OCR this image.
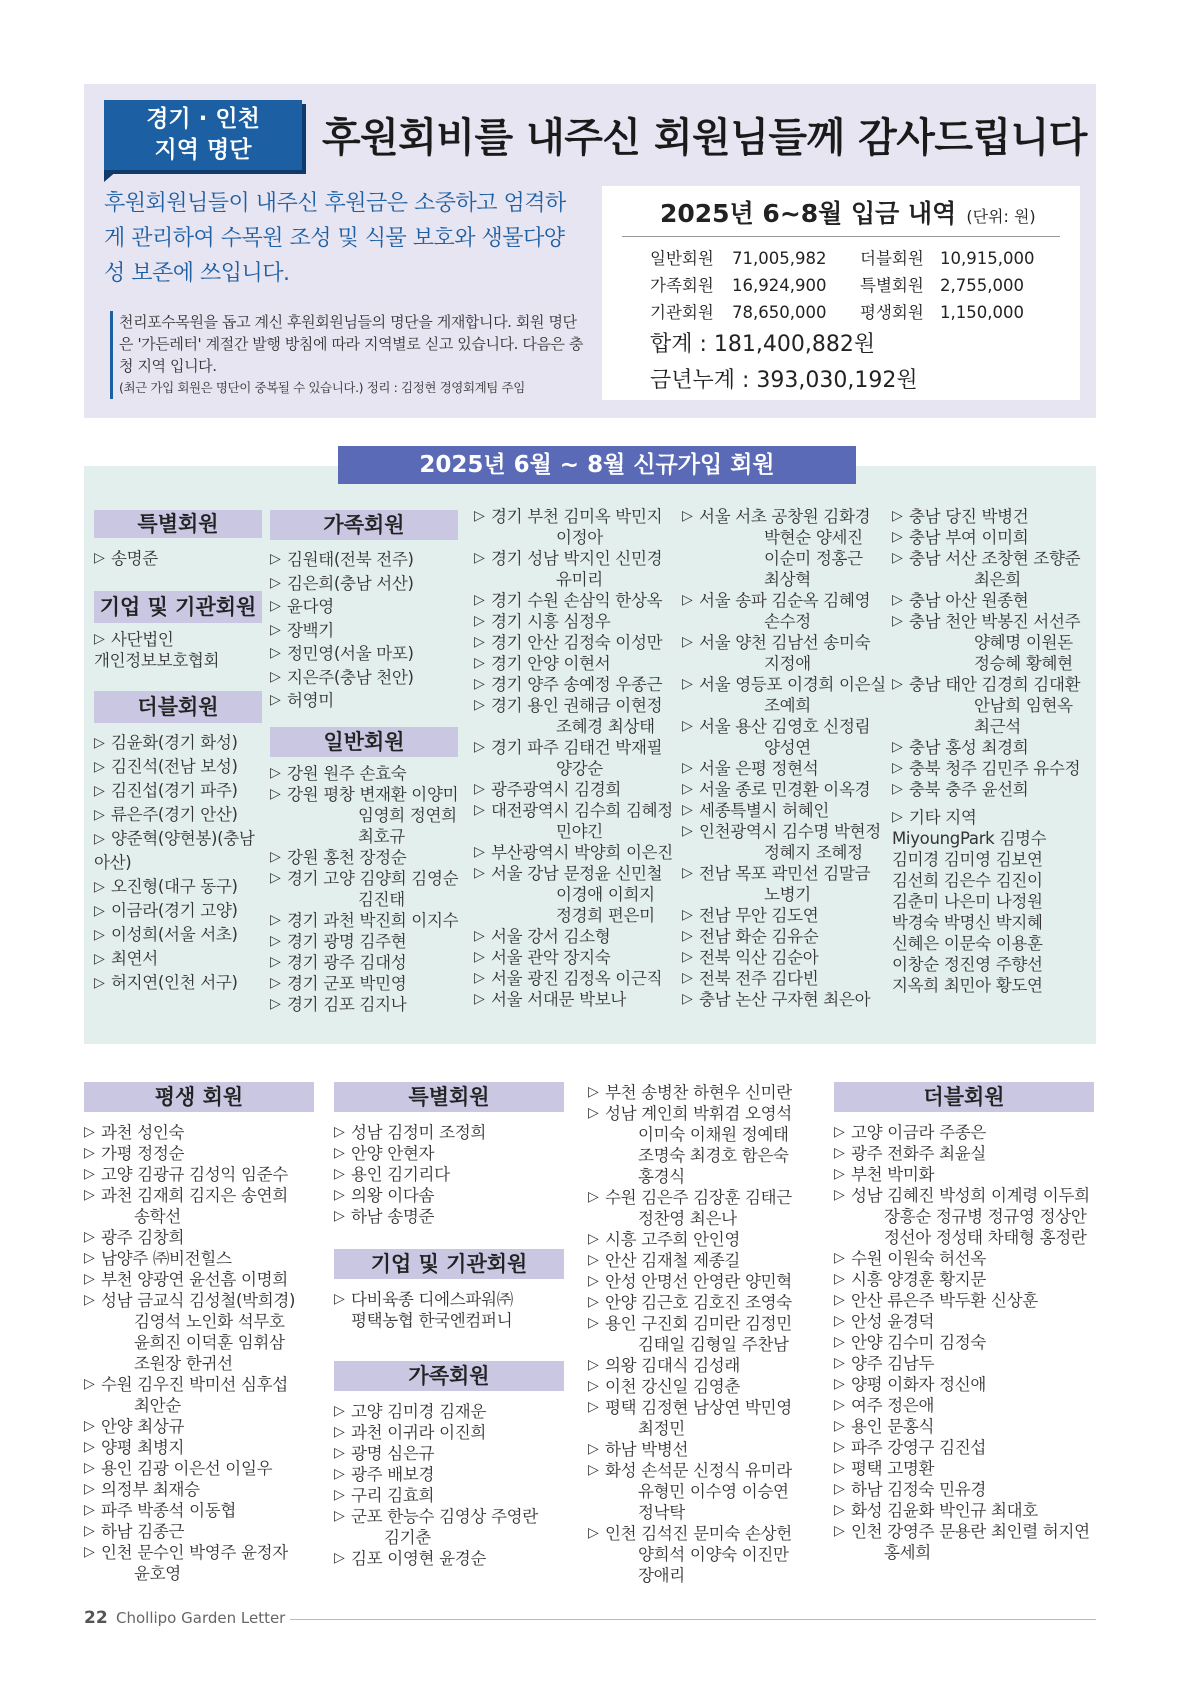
경기 · 인천
지역 명단	후원회비를 내주신 회원님들께 감사드립니다
후원회원님들이 내주신 후원금은 소중하고 엄격하게 관리하여 수목원 조성 및 식물 보호와 생물다양성 보존에 쓰입니다.
천리포수목원을 돕고 계신 후원회원님들의 명단을 게재합니다. 회원 명단은 '가든레터' 계절간 발행 방침에 따라 지역별로 싣고 있습니다. 다음은 충청 지역 입니다.
(최근 가입 회원은 명단이 중복될 수 있습니다.) 정리 : 김정현 경영회계팀 주임
2025년 6~8월 입금 내역 (단위: 원)
일반회원	71,005,982	더블회원 10,915,000
가족회원	16,924,900	특별회원 2,755,000
기관회원	78,650,000	평생회원 1,150,000
합계 : 181,400,882원
금년누계 : 393,030,192원
2025년 6월 ~ 8월 신규가입 회원
특별회원
▷ 송명준
기업 및 기관회원
▷ 사단법인
개인정보보호협회
더블회원
▷ 김윤화(경기 화성)
▷ 김진석(전남 보성)
▷ 김진섭(경기 파주)
▷ 류은주(경기 안산)
▷ 양준혁(양현봉)(충남
아산)
▷ 오진형(대구 동구)
▷ 이금라(경기 고양)
▷ 이성희(서울 서초)
▷ 최연서
▷ 허지연(인천 서구)
가족회원
▷ 김원태(전북 전주)
▷ 김은희(충남 서산)
▷ 윤다영
▷ 장백기
▷ 정민영(서울 마포)
▷ 지은주(충남 천안)
▷ 허영미
일반회원
▷ 강원 원주 손효숙
▷ 강원 평창 변재환 이양미
임영희 정연희
최호규
▷ 강원 홍천 장정순
▷ 경기 고양 김양희 김영순
김진태
▷ 경기 과천 박진희 이지수
▷ 경기 광명 김주현
▷ 경기 광주 김대성
▷ 경기 군포 박민영
▷ 경기 김포 김지나
▷ 경기 부천 김미옥 박민지
이정아
▷ 경기 성남 박지인 신민경
유미리
▷ 경기 수원 손삼익 한상옥
▷ 경기 시흥 심정우
▷ 경기 안산 김정숙 이성만
▷ 경기 안양 이현서
▷ 경기 양주 송예정 우종근
▷ 경기 용인 권해금 이현정
조혜경 최상태
▷ 경기 파주 김태건 박재필
양강순
▷ 광주광역시 김경희
▷ 대전광역시 김수희 김혜정
민야긴
▷ 부산광역시 박양희 이은진
▷ 서울 강남 문정윤 신민철
이경애 이희지
정경희 편은미
▷ 서울 강서 김소형
▷ 서울 관악 장지숙
▷ 서울 광진 김정옥 이근직
▷ 서울 서대문 박보나
▷ 서울 서초 공창원 김화경
박현순 양세진
이순미 정홍근
최상혁
▷ 서울 송파 김순옥 김혜영
손수정
▷ 서울 양천 김남선 송미숙
지정애
▷ 서울 영등포 이경희 이은실
조예희
▷ 서울 용산 김영호 신정림
양성연
▷ 서울 은평 정현석
▷ 서울 종로 민경환 이옥경
▷ 세종특별시 허혜인
▷ 인천광역시 김수명 박현정
정혜지 조혜정
▷ 전남 목포 곽민선 김말금
노병기
▷ 전남 무안 김도연
▷ 전남 화순 김유순
▷ 전북 익산 김순아
▷ 전북 전주 김다빈
▷ 충남 논산 구자현 최은아
▷ 충남 당진 박병건
▷ 충남 부여 이미희
▷ 충남 서산 조창현 조향준
최은희
▷ 충남 아산 원종현
▷ 충남 천안 박봉진 서선주
양혜명 이원돈
정승혜 황혜현
▷ 충남 태안 김경희 김대환
안남희 임현옥
최근석
▷ 충남 홍성 최경희
▷ 충북 청주 김민주 유수정
▷ 충북 충주 윤선희
▷ 기타 지역
MiyoungPark 김명수
김미경 김미영 김보연
김선희 김은수 김진이
김춘미 나은미 나정원
박경숙 박명신 박지혜
신혜은 이문숙 이용훈
이창순 정진영 주향선
지옥희 최민아 황도연
평생 회원
▷ 과천 성인숙
▷ 가평 정정순
▷ 고양 김광규 김성익 임준수
▷ 과천 김재희 김지은 송연희
송학선
▷ 광주 김창희
▷ 남양주 ㈜비전힐스
▷ 부천 양광연 윤선흠 이명희
▷ 성남 금교식 김성철(박희경)
김영석 노인화 석무호
윤희진 이덕훈 임휘삼
조원장 한귀선
▷ 수원 김우진 박미선 심후섭
최안순
▷ 안양 최상규
▷ 양평 최병지
▷ 용인 김광 이은선 이일우
▷ 의정부 최재승
▷ 파주 박종석 이동협
▷ 하남 김종근
▷ 인천 문수인 박영주 윤정자
윤호영
특별회원
▷ 성남 김정미 조정희
▷ 안양 안현자
▷ 용인 김기리다
▷ 의왕 이다솜
▷ 하남 송명준
기업 및 기관회원
▷ 다비육종 디에스파워㈜
평택농협 한국엔컴퍼니
가족회원
▷ 고양 김미경 김재운
▷ 과천 이귀라 이진희
▷ 광명 심은규
▷ 광주 배보경
▷ 구리 김효희
▷ 군포 한능수 김영상 주영란
김기춘
▷ 김포 이영현 윤경순
▷ 부천 송병찬 하현우 신미란
▷ 성남 계인희 박휘겸 오영석
이미숙 이채원 정예태
조명숙 최경호 함은숙
홍경식
▷ 수원 김은주 김장훈 김태근
정찬영 최은나
▷ 시흥 고주희 안인영
▷ 안산 김재철 제종길
▷ 안성 안명선 안영란 양민혁
▷ 안양 김근호 김호진 조영숙
▷ 용인 구진회 김미란 김정민
김태일 김형일 주찬남
▷ 의왕 김대식 김성래
▷ 이천 강신일 김영춘
▷ 평택 김정현 남상연 박민영
최정민
▷ 하남 박병선
▷ 화성 손석문 신정식 유미라
유형민 이수영 이승연
정낙탁
▷ 인천 김석진 문미숙 손상헌
양희석 이양숙 이진만
장애리
더블회원
▷ 고양 이금라 주종은
▷ 광주 전화주 최윤실
▷ 부천 박미화
▷ 성남 김혜진 박성희 이계령 이두희
장흥순 정규병 정규영 정상안
정선아 정성태 차태형 홍정란
▷ 수원 이원숙 허선옥
▷ 시흥 양경훈 황지문
▷ 안산 류은주 박두환 신상훈
▷ 안성 윤경덕
▷ 안양 김수미 김정숙
▷ 양주 김남두
▷ 양평 이화자 정신애
▷ 여주 정은애
▷ 용인 문홍식
▷ 파주 강영구 김진섭
▷ 평택 고명환
▷ 하남 김정숙 민유경
▷ 화성 김윤화 박인규 최대호
▷ 인천 강영주 문용란 최인렬 허지연
홍세희
22 Chollipo Garden Letter
